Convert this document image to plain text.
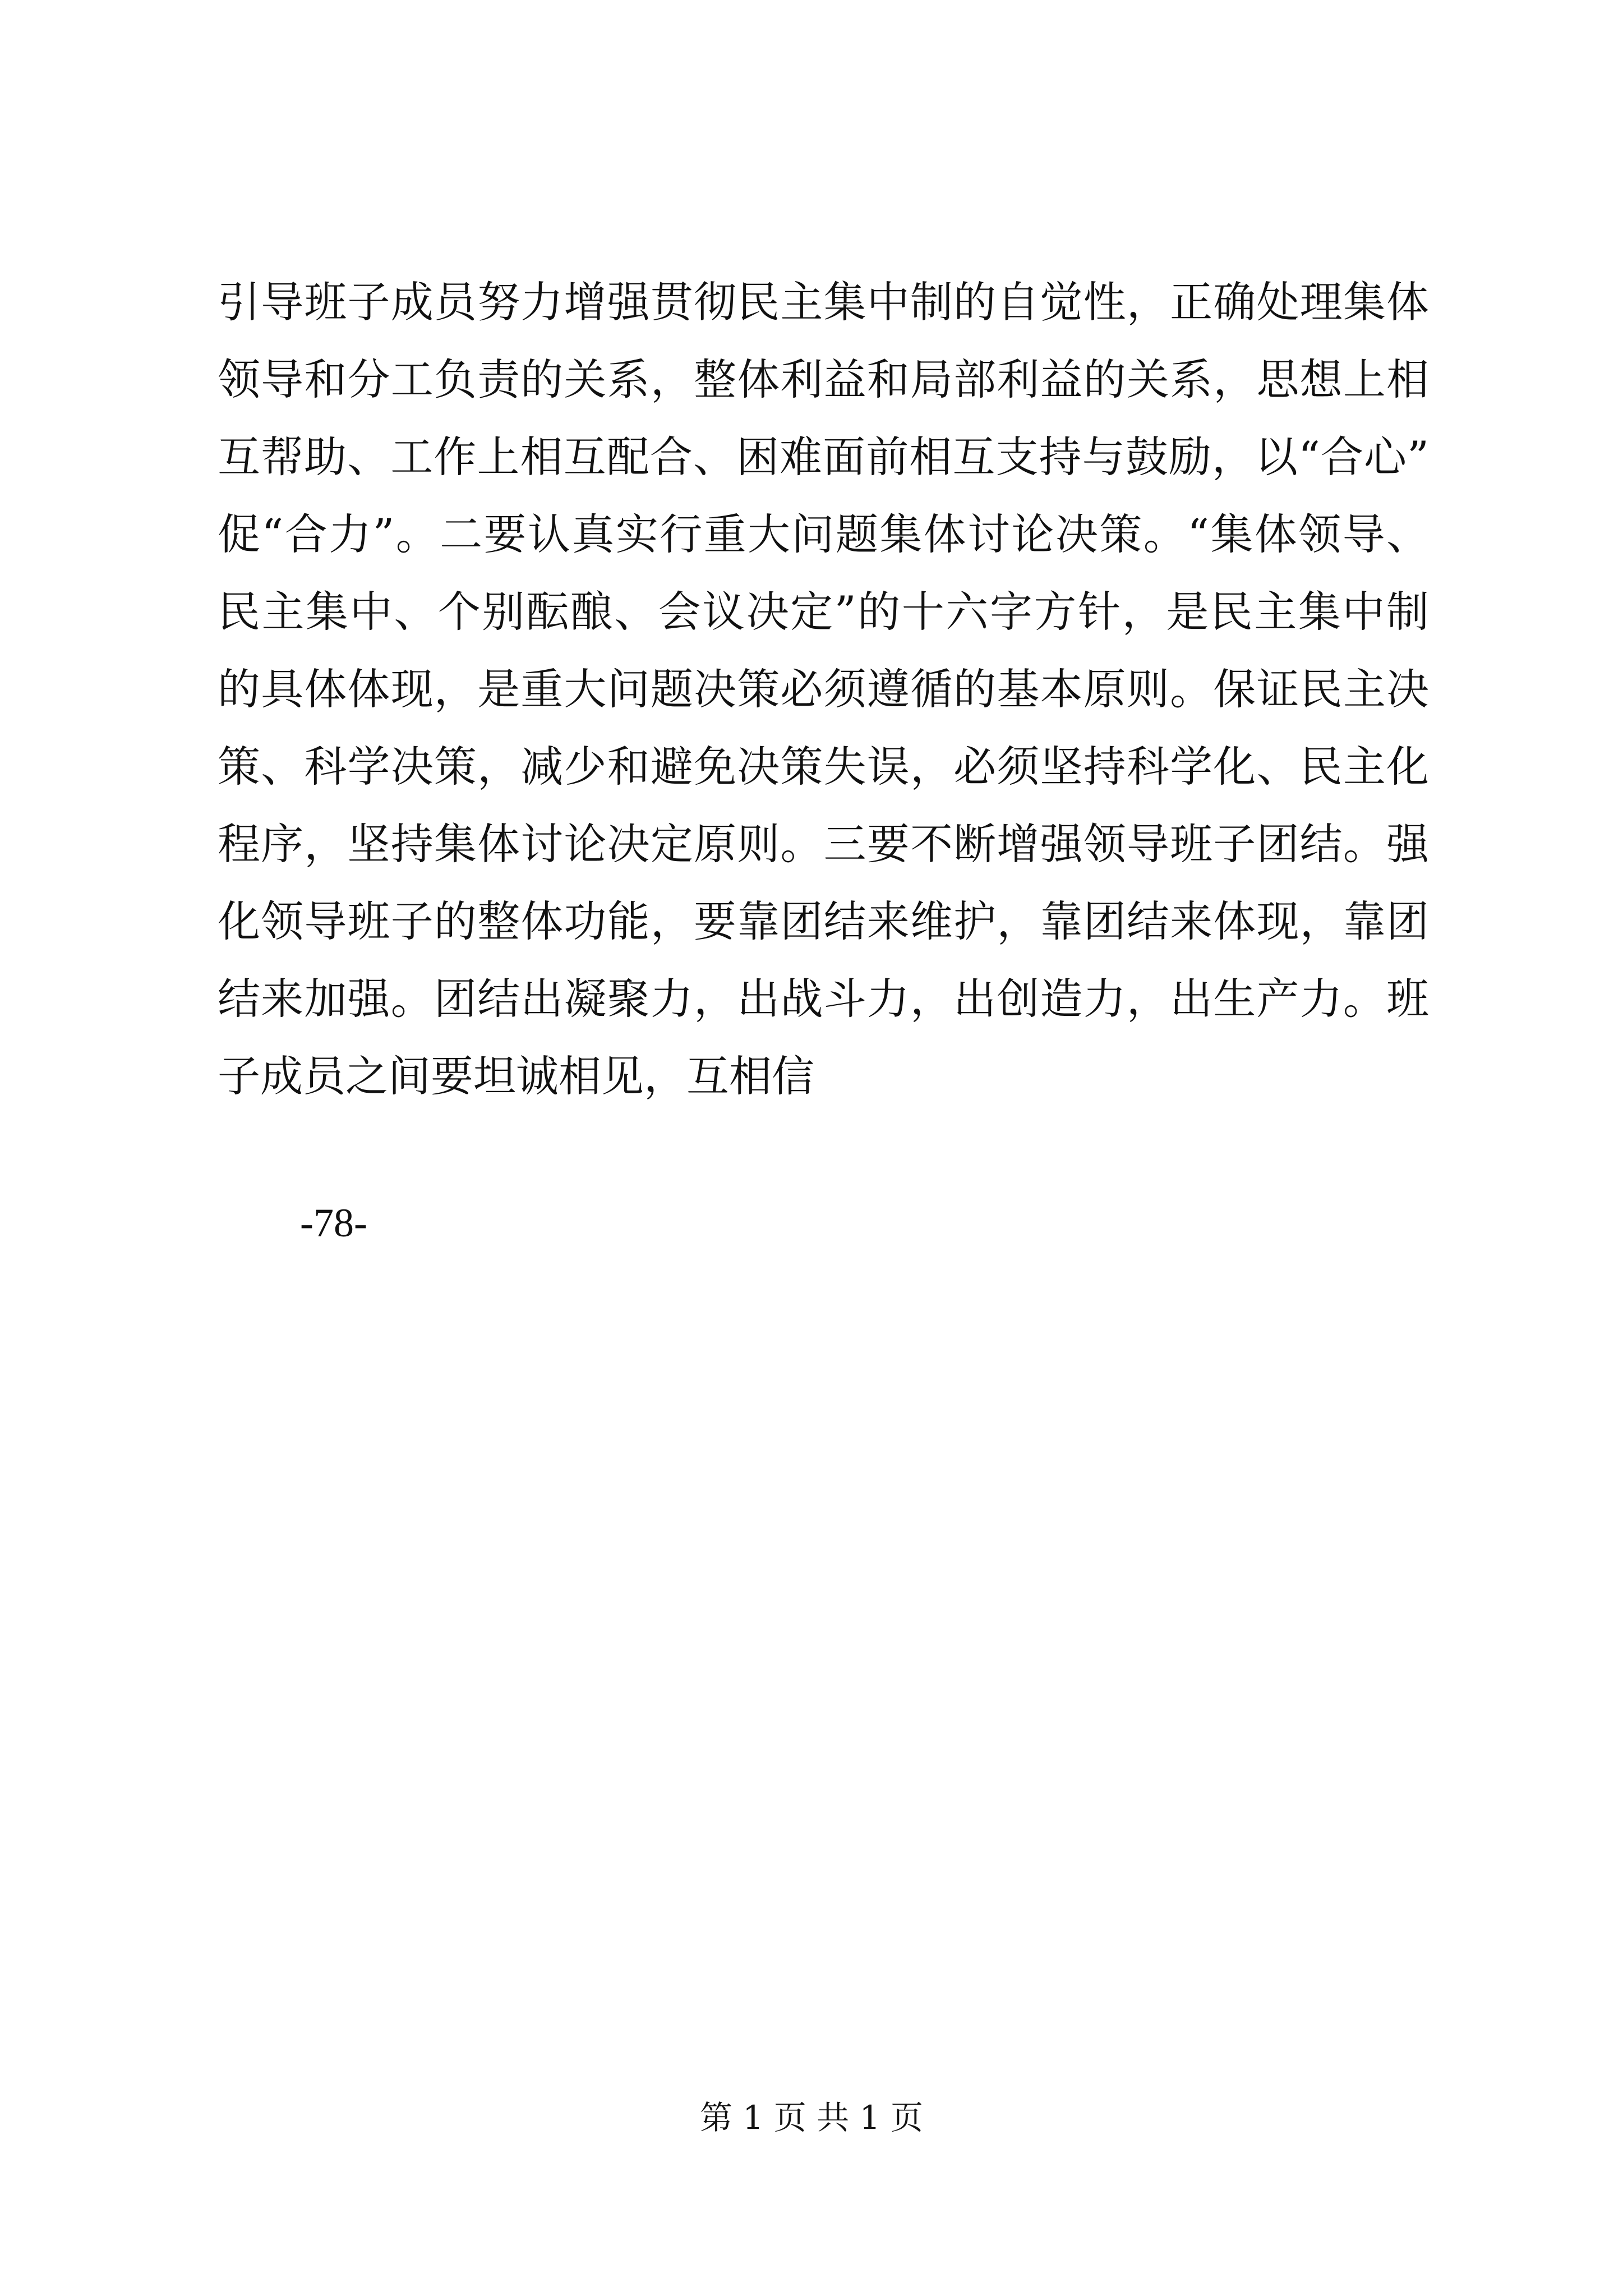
引导班子成员努力增强贯彻民主集中制的自觉性，正确处理集体
领导和分工负责的关系，整体利益和局部利益的关系，思想上相
互帮助、工作上相互配合、困难面前相互支持与鼓励，以“合心”
促“合力”。二要认真实行重大问题集体讨论决策。“集体领导、
民主集中、个别酝酿、会议决定”的十六字方针，是民主集中制
的具体体现，是重大问题决策必须遵循的基本原则。保证民主决
策、科学决策，减少和避免决策失误，必须坚持科学化、民主化
程序，坚持集体讨论决定原则。三要不断增强领导班子团结。强
化领导班子的整体功能，要靠团结来维护，靠团结来体现，靠团
结来加强。团结出凝聚力，出战斗力，出创造力，出生产力。班
子成员之间要坦诚相见，互相信
-78-
第 1 页 共 1 页
